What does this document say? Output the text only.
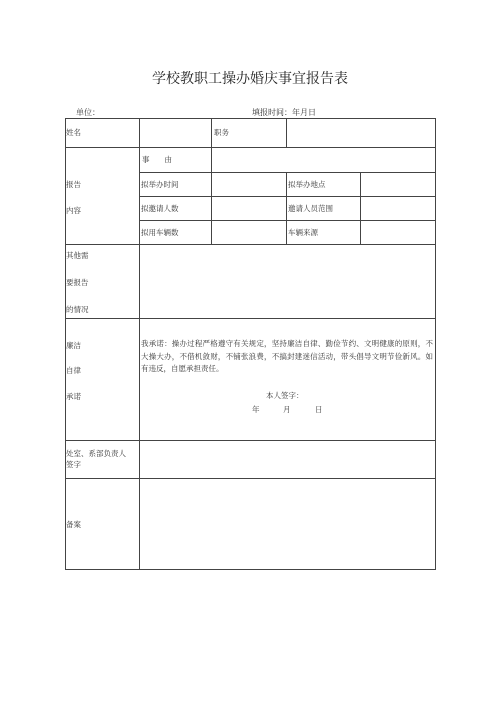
学校教职工操办婚庆事宜报告表
单位：	填报时间：年月日
姓名	职务
报告
内容
事　　由
拟举办时间	拟举办地点
拟邀请人数	邀请人员范围
拟用车辆数	车辆来源
其他需
要报告
的情况
廉洁
自律
承诺
我承诺：操办过程严格遵守有关规定，坚持廉洁自律、勤俭节约、文明健康的原则，不大操大办，不借机敛财，不铺张浪费，不搞封建迷信活动，带头倡导文明节俭新风。如有违反，自愿承担责任。
本人签字：
年	月	日
处室、系部负责人
签字
备案
